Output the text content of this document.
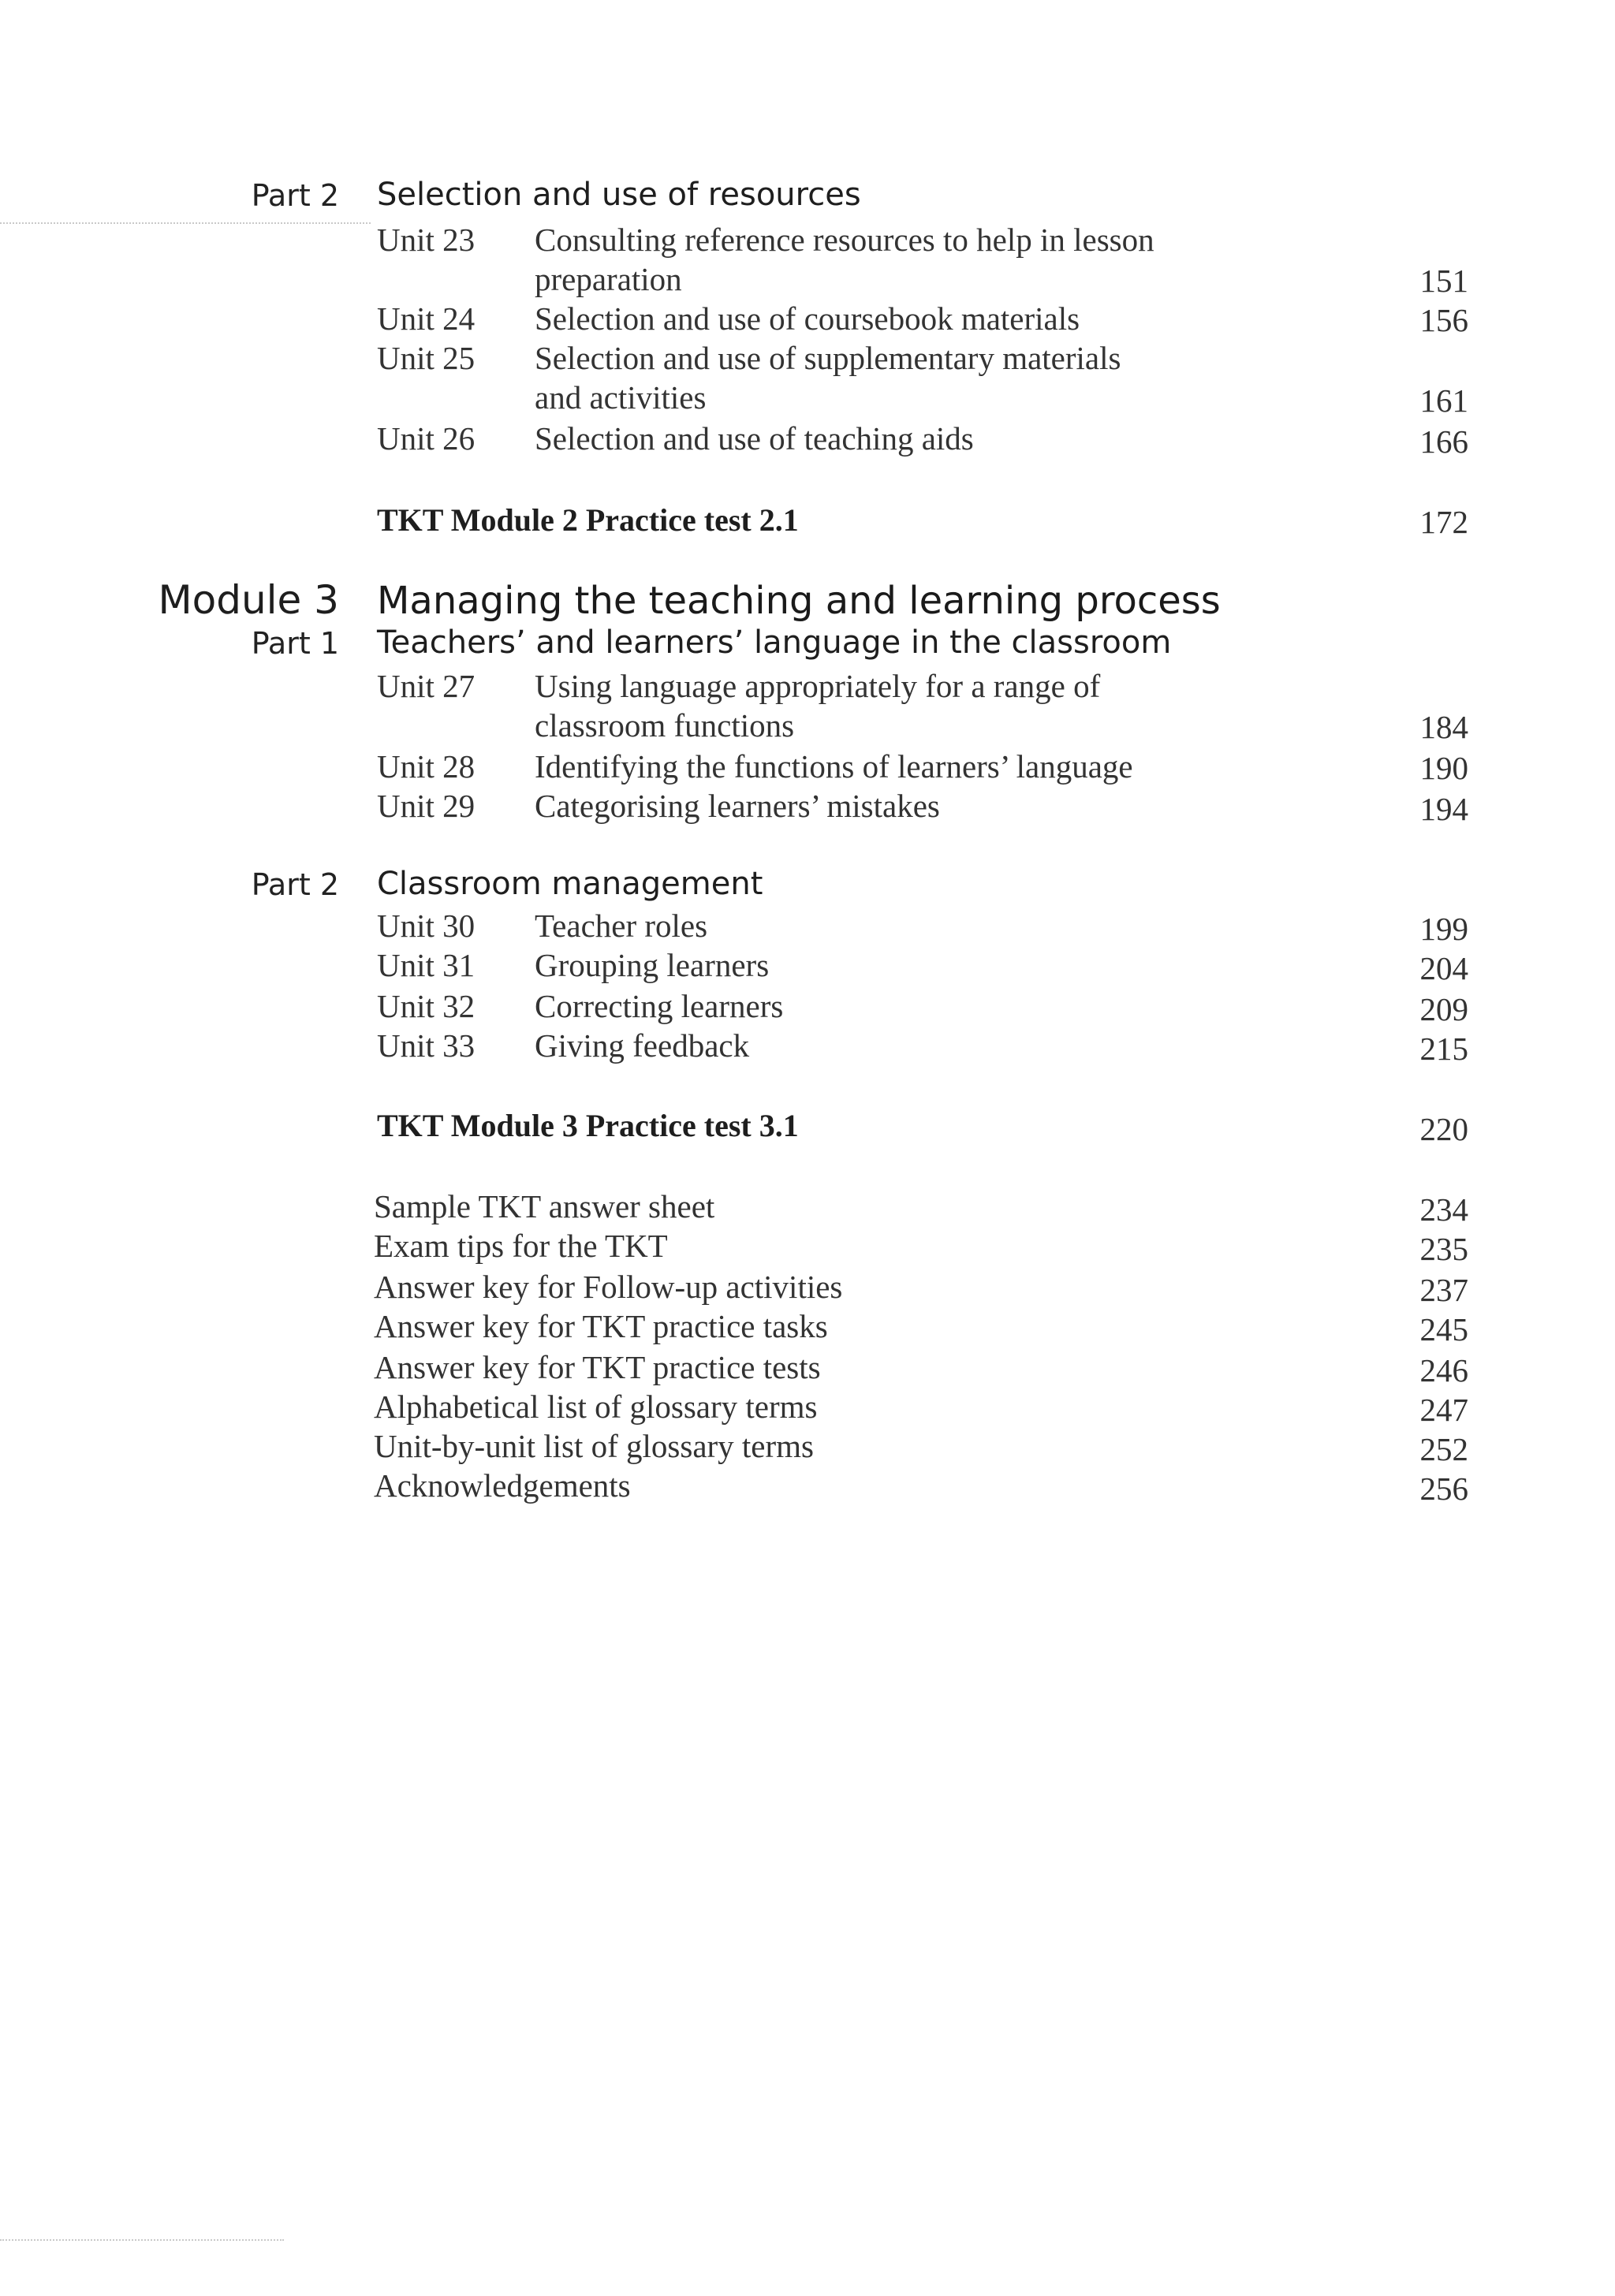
Part 2 Selection and use of resources
Unit 23 Consulting reference resources to help in lesson
preparation	151
Unit 24 Selection and use of coursebook materials	156
Unit 25 Selection and use of supplementary materials
and activities	161
Unit 26 Selection and use of teaching aids	166
TKT Module 2 Practice test 2.1	172
Module 3 Managing the teaching and learning process
Part 1 Teachers’ and learners’ language in the classroom
Unit 27 Using language appropriately for a range of
classroom functions	184
Unit 28 Identifying the functions of learners’ language	190
Unit 29 Categorising learners’ mistakes	194
Part 2 Classroom management
Unit 30 Teacher roles	199
Unit 31 Grouping learners	204
Unit 32 Correcting learners	209
Unit 33 Giving feedback	215
TKT Module 3 Practice test 3.1	220
Sample TKT answer sheet	234
Exam tips for the TKT	235
Answer key for Follow-up activities	237
Answer key for TKT practice tasks	245
Answer key for TKT practice tests	246
Alphabetical list of glossary terms	247
Unit-by-unit list of glossary terms	252
Acknowledgements	256
